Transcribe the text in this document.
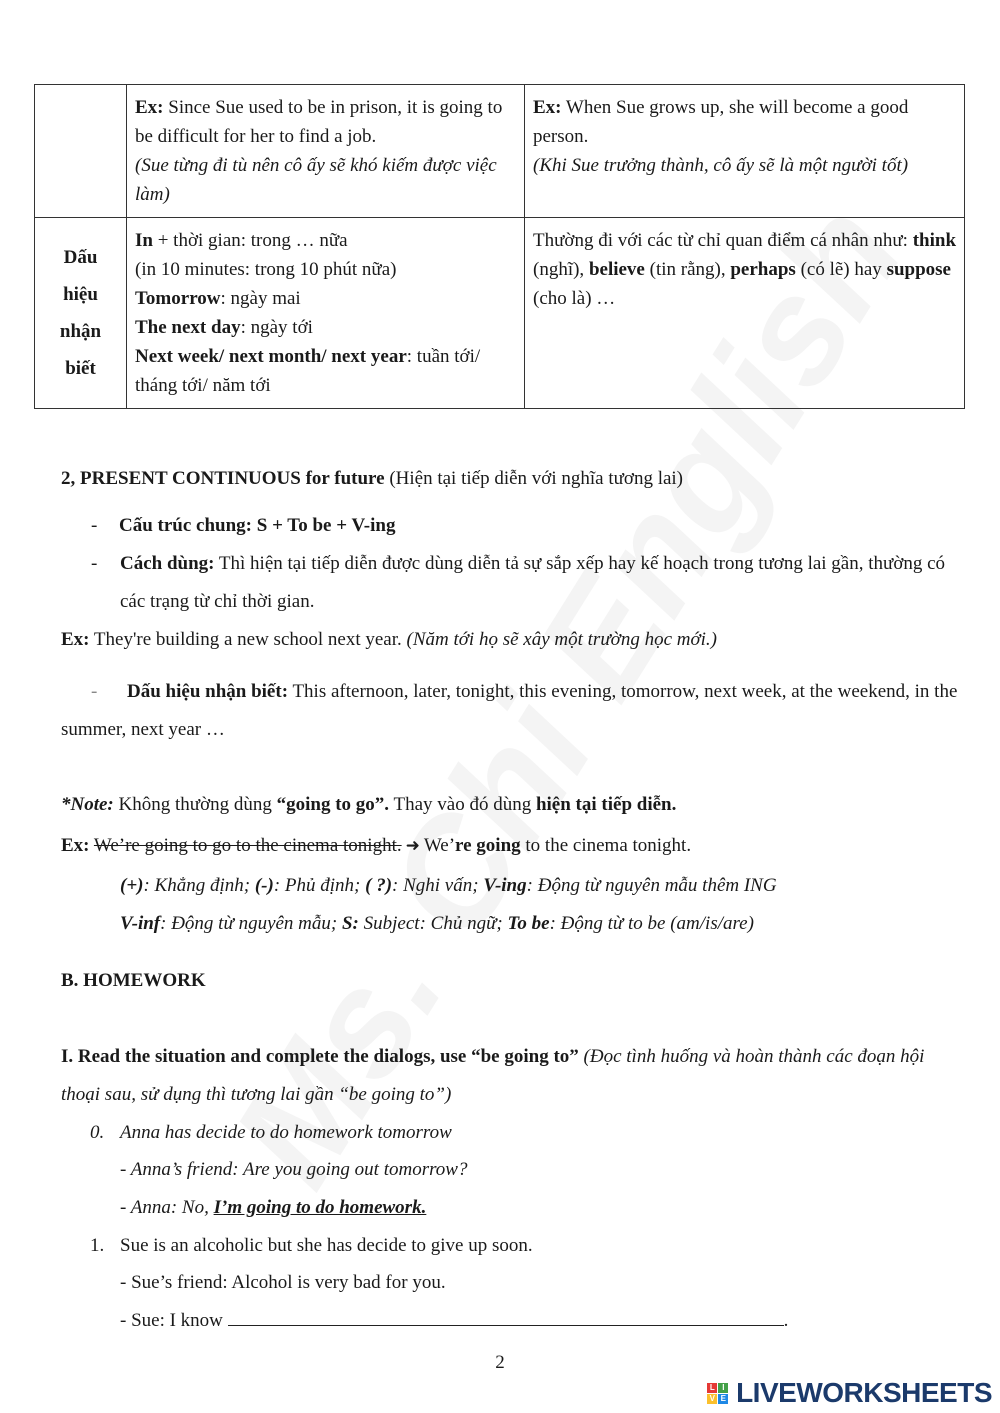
	Ex: Since Sue used to be in prison, it is going to be difficult for her to find a job.
(Sue từng đi tù nên cô ấy sẽ khó kiếm được việc làm)	Ex: When Sue grows up, she will become a good person.
(Khi Sue trưởng thành, cô ấy sẽ là một người tốt)
Dấu
hiệu
nhận
biết	In + thời gian: trong … nữa
(in 10 minutes: trong 10 phút nữa)
Tomorrow: ngày mai
The next day: ngày tới
Next week/ next month/ next year: tuần tới/ tháng tới/ năm tới	Thường đi với các từ chỉ quan điểm cá nhân như: think (nghĩ), believe (tin rằng), perhaps (có lẽ) hay suppose (cho là) …
2, PRESENT CONTINUOUS for future (Hiện tại tiếp diễn với nghĩa tương lai)
- Cấu trúc chung: S + To be + V-ing
- Cách dùng: Thì hiện tại tiếp diễn được dùng diễn tả sự sắp xếp hay kế hoạch trong tương lai gần, thường có các trạng từ chỉ thời gian.
Ex: They're building a new school next year. (Năm tới họ sẽ xây một trường học mới.)
- Dấu hiệu nhận biết: This afternoon, later, tonight, this evening, tomorrow, next week, at the weekend, in the summer, next year …
*Note: Không thường dùng “going to go”. Thay vào đó dùng hiện tại tiếp diễn.
Ex: We’re going to go to the cinema tonight. ➜ We’re going to the cinema tonight.
(+): Khẳng định; (-): Phủ định; ( ?): Nghi vấn; V-ing: Động từ nguyên mẫu thêm ING
V-inf: Động từ nguyên mẫu; S: Subject: Chủ ngữ; To be: Động từ to be (am/is/are)
B. HOMEWORK
I. Read the situation and complete the dialogs, use “be going to” (Đọc tình huống và hoàn thành các đoạn hội thoại sau, sử dụng thì tương lai gần “be going to”)
0. Anna has decide to do homework tomorrow
- Anna’s friend: Are you going out tomorrow?
- Anna: No, I’m going to do homework.
1. Sue is an alcoholic but she has decide to give up soon.
- Sue’s friend: Alcohol is very bad for you.
- Sue: I know	.
2
L I
V E LIVEWORKSHEETS
